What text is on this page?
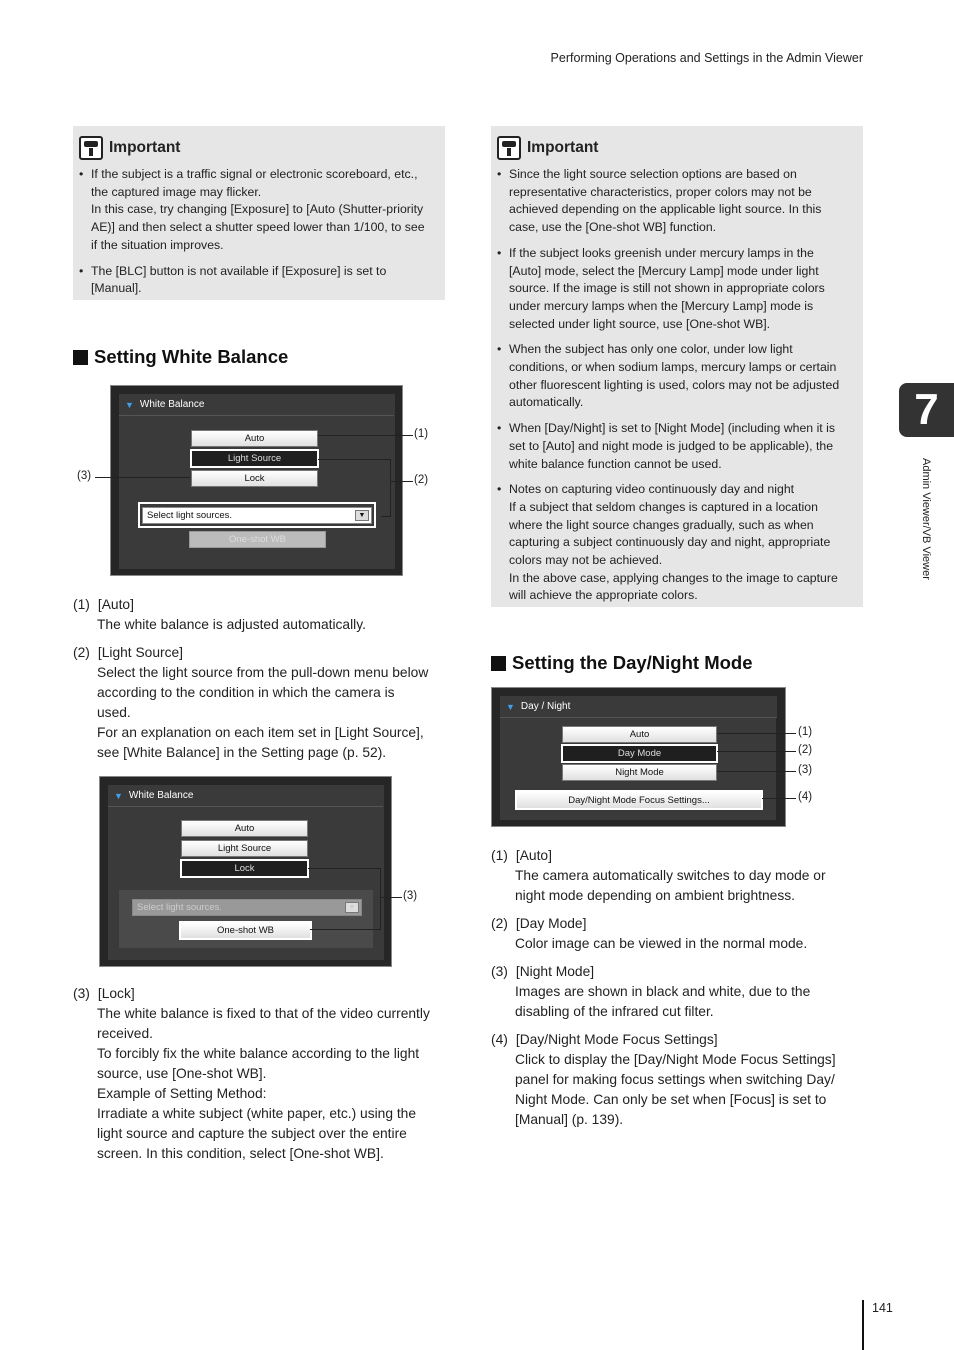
Performing Operations and Settings in the Admin Viewer
Important
• If the subject is a traffic signal or electronic scoreboard, etc.,
the captured image may flicker.
In this case, try changing [Exposure] to [Auto (Shutter-priority
AE)] and then select a shutter speed lower than 1/100, to see
if the situation improves.
• The [BLC] button is not available if [Exposure] is set to
[Manual].
Important
• Since the light source selection options are based on
representative characteristics, proper colors may not be
achieved depending on the applicable light source. In this
case, use the [One-shot WB] function.
• If the subject looks greenish under mercury lamps in the
[Auto] mode, select the [Mercury Lamp] mode under light
source. If the image is still not shown in appropriate colors
under mercury lamps when the [Mercury Lamp] mode is
selected under light source, use [One-shot WB].
• When the subject has only one color, under low light
conditions, or when sodium lamps, mercury lamps or certain
other fluorescent lighting is used, colors may not be adjusted
automatically.
• When [Day/Night] is set to [Night Mode] (including when it is
set to [Auto] and night mode is judged to be applicable), the
white balance function cannot be used.
• Notes on capturing video continuously day and night
If a subject that seldom changes is captured in a location
where the light source changes gradually, such as when
capturing a subject continuously day and night, appropriate
colors may not be achieved.
In the above case, applying changes to the image to capture
will achieve the appropriate colors.
Setting White Balance
▼ White Balance
Auto
Light Source
Lock
Select light sources.	▼
One-shot WB
(1)
(2)
(3)
(1) [Auto]
The white balance is adjusted automatically.
(2) [Light Source]
Select the light source from the pull-down menu below
according to the condition in which the camera is
used.
For an explanation on each item set in [Light Source],
see [White Balance] in the Setting page (p. 52).
▼ White Balance
Auto
Light Source
Lock
Select light sources.	▼
One-shot WB
(3)
(3) [Lock]
The white balance is fixed to that of the video currently
received.
To forcibly fix the white balance according to the light
source, use [One-shot WB].
Example of Setting Method:
Irradiate a white subject (white paper, etc.) using the
light source and capture the subject over the entire
screen. In this condition, select [One-shot WB].
Setting the Day/Night Mode
▼ Day / Night
Auto
Day Mode
Night Mode
Day/Night Mode Focus Settings...
(1)
(2)
(3)
(4)
(1) [Auto]
The camera automatically switches to day mode or
night mode depending on ambient brightness.
(2) [Day Mode]
Color image can be viewed in the normal mode.
(3) [Night Mode]
Images are shown in black and white, due to the
disabling of the infrared cut filter.
(4) [Day/Night Mode Focus Settings]
Click to display the [Day/Night Mode Focus Settings]
panel for making focus settings when switching Day/
Night Mode. Can only be set when [Focus] is set to
[Manual] (p. 139).
7
Admin Viewer/VB Viewer
141
